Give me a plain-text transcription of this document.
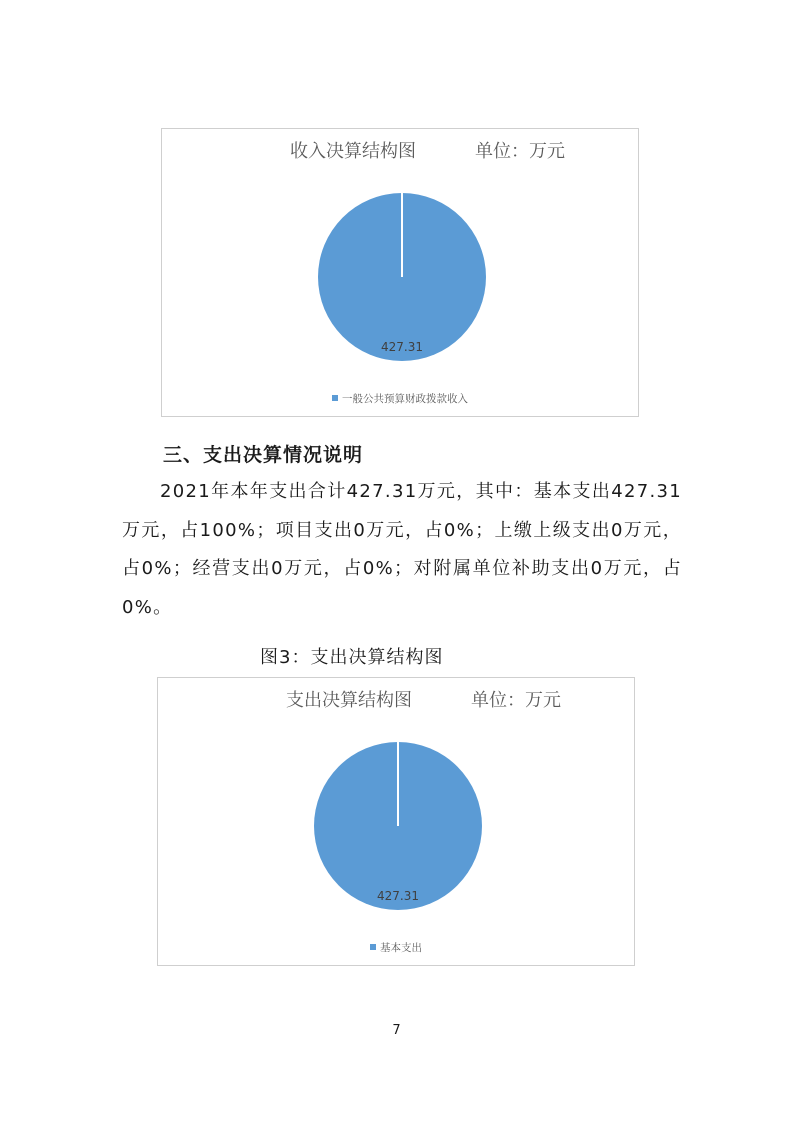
收入决算结构图	单位：万元
427.31
一般公共预算财政拨款收入
三、支出决算情况说明
2021年本年支出合计427.31万元，其中：基本支出427.31万元，占100%；项目支出0万元，占0%；上缴上级支出0万元，占0%；经营支出0万元，占0%；对附属单位补助支出0万元，占0%。
图3：支出决算结构图
支出决算结构图	单位：万元
427.31
基本支出
7
